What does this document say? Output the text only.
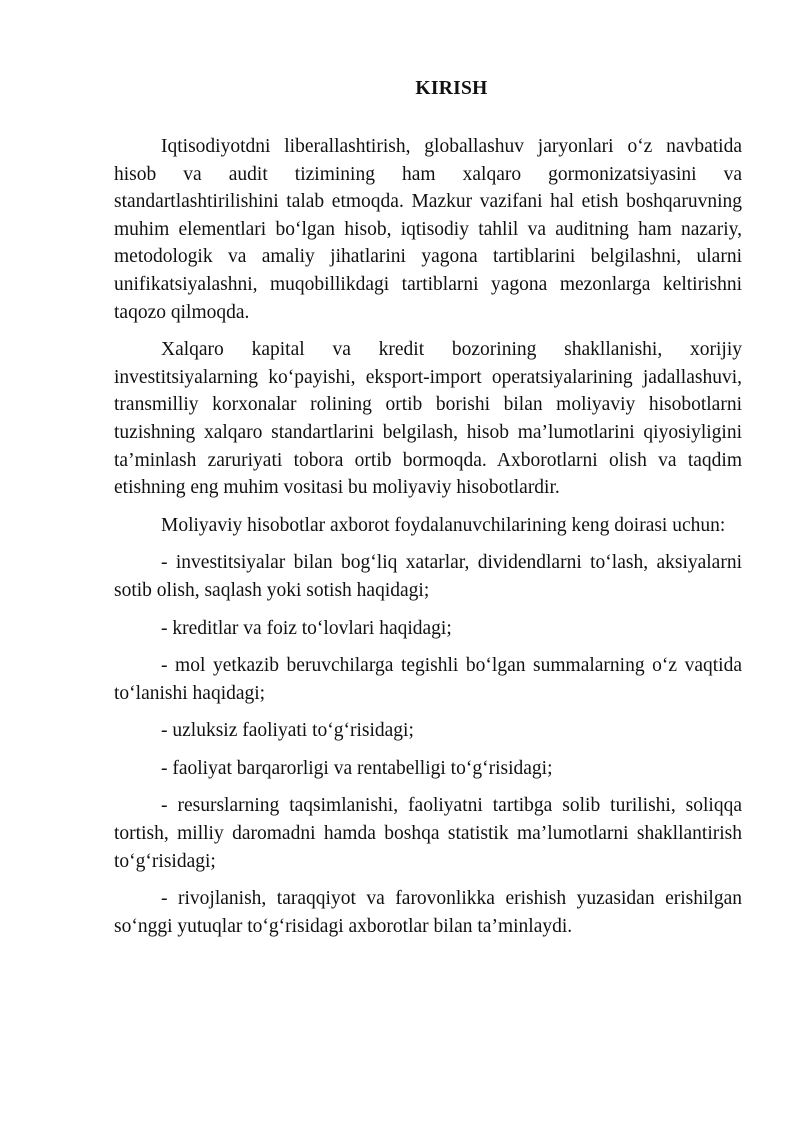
KIRISH

Iqtisodiyotdni liberallashtirish, globallashuv jaryonlari o‘z navbatida hisob va audit tizimining ham xalqaro gormonizatsiyasini va standartlashtirilishini talab etmoqda. Mazkur vazifani hal etish boshqaruvning muhim elementlari bo‘lgan hisob, iqtisodiy tahlil va auditning ham nazariy, metodologik va amaliy jihatlarini yagona tartiblarini belgilashni, ularni unifikatsiyalashni, muqobillikdagi tartiblarni yagona mezonlarga keltirishni taqozo qilmoqda.

Xalqaro kapital va kredit bozorining shakllanishi, xorijiy investitsiyalarning ko‘payishi, eksport-import operatsiyalarining jadallashuvi, transmilliy korxonalar rolining ortib borishi bilan moliyaviy hisobotlarni tuzishning xalqaro standartlarini belgilash, hisob ma’lumotlarini qiyosiyligini ta’minlash zaruriyati tobora ortib bormoqda. Axborotlarni olish va taqdim etishning eng muhim vositasi bu moliyaviy hisobotlardir.

Moliyaviy hisobotlar axborot foydalanuvchilarining keng doirasi uchun:

- investitsiyalar bilan bog‘liq xatarlar, dividendlarni to‘lash, aksiyalarni sotib olish, saqlash yoki sotish haqidagi;

- kreditlar va foiz to‘lovlari haqidagi;

- mol yetkazib beruvchilarga tegishli bo‘lgan summalarning o‘z vaqtida to‘lanishi haqidagi;

- uzluksiz faoliyati to‘g‘risidagi;

- faoliyat barqarorligi va rentabelligi to‘g‘risidagi;

- resurslarning taqsimlanishi, faoliyatni tartibga solib turilishi, soliqqa tortish, milliy daromadni hamda boshqa statistik ma’lumotlarni shakllantirish to‘g‘risidagi;

- rivojlanish, taraqqiyot va farovonlikka erishish yuzasidan erishilgan so‘nggi yutuqlar to‘g‘risidagi axborotlar bilan ta’minlaydi.
